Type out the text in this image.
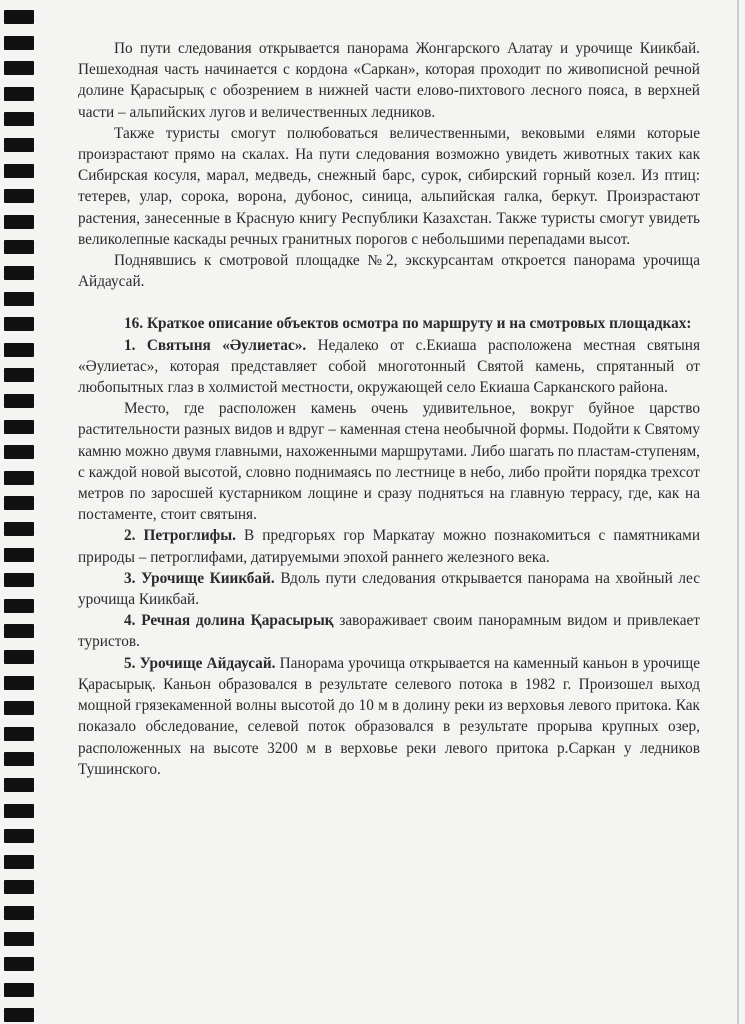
По пути следования открывается панорама Жонгарского Алатау и урочище Киикбай. Пешеходная часть начинается с кордона «Саркан», которая проходит по живописной речной долине Қарасырық с обозрением в нижней части елово-пихтового лесного пояса, в верхней части – альпийских лугов и величественных ледников.

Также туристы смогут полюбоваться величественными, вековыми елями которые произрастают прямо на скалах. На пути следования возможно увидеть животных таких как Сибирская косуля, марал, медведь, снежный барс, сурок, сибирский горный козел. Из птиц: тетерев, улар, сорока, ворона, дубонос, синица, альпийская галка, беркут. Произрастают растения, занесенные в Красную книгу Республики Казахстан. Также туристы смогут увидеть великолепные каскады речных гранитных порогов с небольшими перепадами высот.

Поднявшись к смотровой площадке №2, экскурсантам откроется панорама урочища Айдаусай.

16. Краткое описание объектов осмотра по маршруту и на смотровых площадках:

1. Святыня «Әулиетас». Недалеко от с.Екиаша расположена местная святыня «Әулиетас», которая представляет собой многотонный Святой камень, спрятанный от любопытных глаз в холмистой местности, окружающей село Екиаша Сарканского района.

Место, где расположен камень очень удивительное, вокруг буйное царство растительности разных видов и вдруг – каменная стена необычной формы. Подойти к Святому камню можно двумя главными, нахоженными маршрутами. Либо шагать по пластам-ступеням, с каждой новой высотой, словно поднимаясь по лестнице в небо, либо пройти порядка трехсот метров по заросшей кустарником лощине и сразу подняться на главную террасу, где, как на постаменте, стоит святыня.

2. Петроглифы. В предгорьях гор Маркатау можно познакомиться с памятниками природы – петроглифами, датируемыми эпохой раннего железного века.

3. Урочище Киикбай. Вдоль пути следования открывается панорама на хвойный лес урочища Киикбай.

4. Речная долина Қарасырық завораживает своим панорамным видом и привлекает туристов.

5. Урочище Айдаусай. Панорама урочища открывается на каменный каньон в урочище Қарасырық. Каньон образовался в результате селевого потока в 1982 г. Произошел выход мощной грязекаменной волны высотой до 10 м в долину реки из верховья левого притока. Как показало обследование, селевой поток образовался в результате прорыва крупных озер, расположенных на высоте 3200 м в верховье реки левого притока р.Саркан у ледников Тушинского.
